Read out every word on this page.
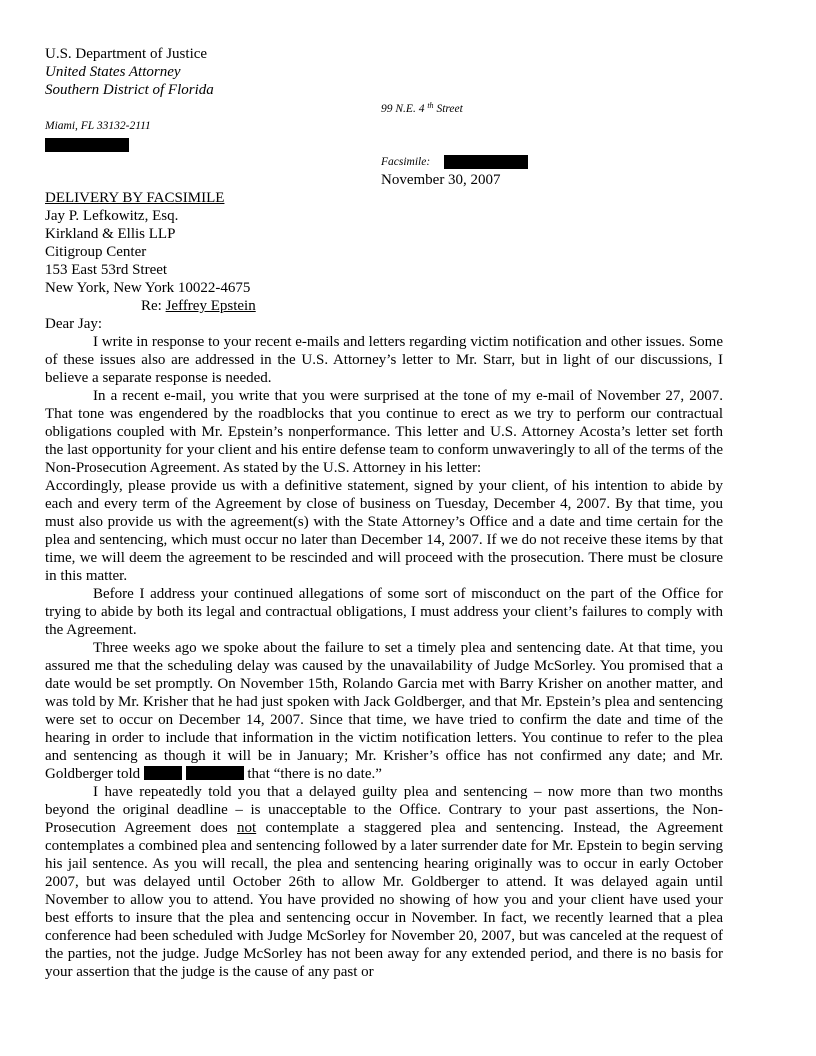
U.S. Department of Justice
United States Attorney
Southern District of Florida
99 N.E. 4 $^{th}$ Street
Miami, FL 33132-2111
Facsimile:
November 30, 2007
DELIVERY BY FACSIMILE
Jay P. Lefkowitz, Esq.
Kirkland & Ellis LLP
Citigroup Center
153 East 53rd Street
New York, New York 10022-4675
Re: Jeffrey Epstein
Dear Jay:

I write in response to your recent e-mails and letters regarding victim notification and other issues. Some of these issues also are addressed in the U.S. Attorney’s letter to Mr. Starr, but in light of our discussions, I believe a separate response is needed.

In a recent e-mail, you write that you were surprised at the tone of my e-mail of November 27, 2007. That tone was engendered by the roadblocks that you continue to erect as we try to perform our contractual obligations coupled with Mr. Epstein’s nonperformance. This letter and U.S. Attorney Acosta’s letter set forth the last opportunity for your client and his entire defense team to conform unwaveringly to all of the terms of the Non-Prosecution Agreement. As stated by the U.S. Attorney in his letter:

Accordingly, please provide us with a definitive statement, signed by your client, of his intention to abide by each and every term of the Agreement by close of business on Tuesday, December 4, 2007. By that time, you must also provide us with the agreement(s) with the State Attorney’s Office and a date and time certain for the plea and sentencing, which must occur no later than December 14, 2007. If we do not receive these items by that time, we will deem the agreement to be rescinded and will proceed with the prosecution. There must be closure in this matter.

Before I address your continued allegations of some sort of misconduct on the part of the Office for trying to abide by both its legal and contractual obligations, I must address your client’s failures to comply with the Agreement.

Three weeks ago we spoke about the failure to set a timely plea and sentencing date. At that time, you assured me that the scheduling delay was caused by the unavailability of Judge McSorley. You promised that a date would be set promptly. On November 15th, Rolando Garcia met with Barry Krisher on another matter, and was told by Mr. Krisher that he had just spoken with Jack Goldberger, and that Mr. Epstein’s plea and sentencing were set to occur on December 14, 2007. Since that time, we have tried to confirm the date and time of the hearing in order to include that information in the victim notification letters. You continue to refer to the plea and sentencing as though it will be in January; Mr. Krisher’s office has not confirmed any date; and Mr. Goldberger told	that “there is no date.”

I have repeatedly told you that a delayed guilty plea and sentencing – now more than two months beyond the original deadline – is unacceptable to the Office. Contrary to your past assertions, the Non-Prosecution Agreement does not contemplate a staggered plea and sentencing. Instead, the Agreement contemplates a combined plea and sentencing followed by a later surrender date for Mr. Epstein to begin serving his jail sentence. As you will recall, the plea and sentencing hearing originally was to occur in early October 2007, but was delayed until October 26th to allow Mr. Goldberger to attend. It was delayed again until November to allow you to attend. You have provided no showing of how you and your client have used your best efforts to insure that the plea and sentencing occur in November. In fact, we recently learned that a plea conference had been scheduled with Judge McSorley for November 20, 2007, but was canceled at the request of the parties, not the judge. Judge McSorley has not been away for any extended period, and there is no basis for your assertion that the judge is the cause of any past or
